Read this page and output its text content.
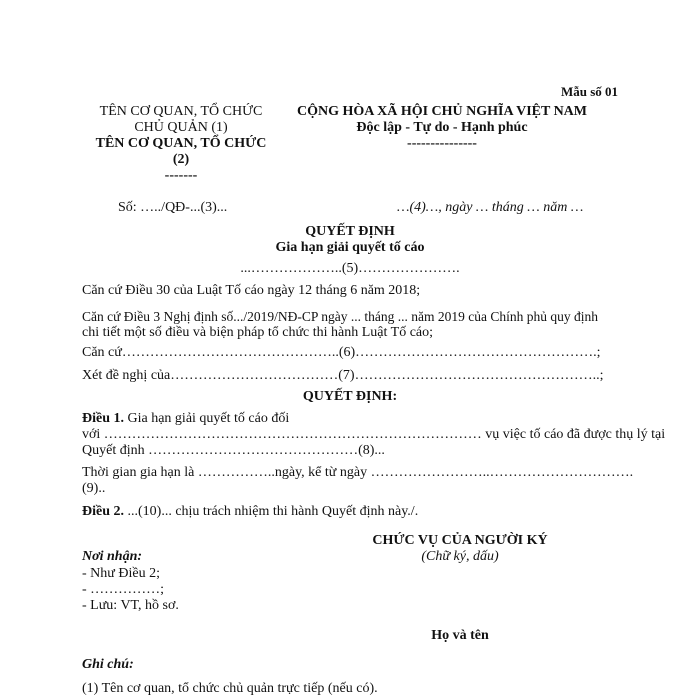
Mẫu số 01
TÊN CƠ QUAN, TỔ CHỨC
CHỦ QUẢN (1)
TÊN CƠ QUAN, TỔ CHỨC
(2)
-------
CỘNG HÒA XÃ HỘI CHỦ NGHĨA VIỆT NAM
Độc lập - Tự do - Hạnh phúc
---------------
Số: …../QĐ-...(3)...	…(4)…, ngày … tháng … năm …
QUYẾT ĐỊNH
Gia hạn giải quyết tố cáo
...………………..(5)………………….
Căn cứ Điều 30 của Luật Tố cáo ngày 12 tháng 6 năm 2018;
Căn cứ Điều 3 Nghị định số.../2019/NĐ-CP ngày ... tháng ... năm 2019 của Chính phủ quy định
chi tiết một số điều và biện pháp tổ chức thi hành Luật Tố cáo;
Căn cứ………………………………………..(6)…………………………………………….;
Xét đề nghị của………………………………(7)……………………………………………..;
QUYẾT ĐỊNH:
Điều 1. Gia hạn giải quyết tố cáo đối
với ……………………………………………………………………… vụ việc tố cáo đã được thụ lý tại
Quyết định ………………………………………(8)...
Thời gian gia hạn là ……………..ngày, kể từ ngày ……………………..………………………….
(9)..
Điều 2. ...(10)... chịu trách nhiệm thi hành Quyết định này./.
CHỨC VỤ CỦA NGƯỜI KÝ
(Chữ ký, dấu)
Họ và tên
Nơi nhận:
- Như Điều 2;
- ……………;
- Lưu: VT, hồ sơ.
Ghi chú:
(1) Tên cơ quan, tổ chức chủ quản trực tiếp (nếu có).
